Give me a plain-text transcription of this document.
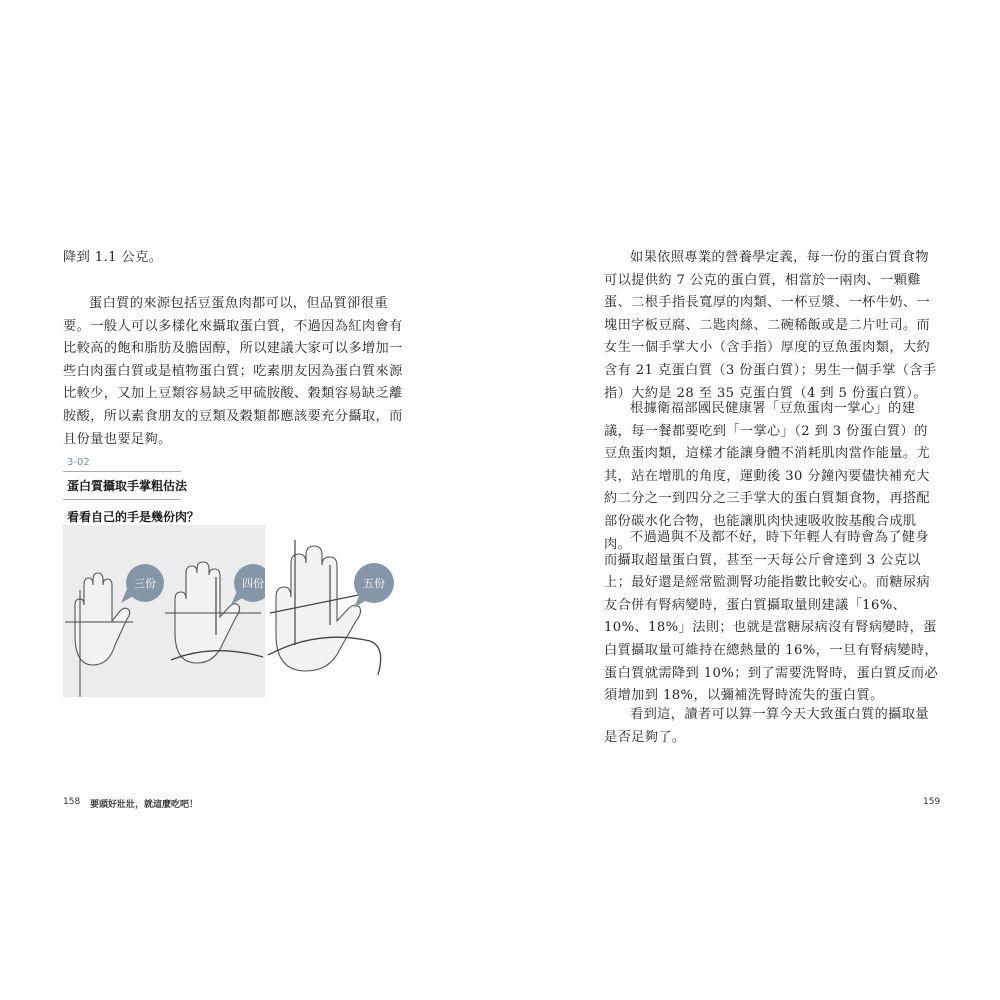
降到 1.1 公克。

蛋白質的來源包括豆蛋魚肉都可以，但品質卻很重要。一般人可以多樣化來攝取蛋白質，不過因為紅肉會有比較高的飽和脂肪及膽固醇，所以建議大家可以多增加一些白肉蛋白質或是植物蛋白質；吃素朋友因為蛋白質來源比較少，又加上豆類容易缺乏甲硫胺酸、穀類容易缺乏離胺酸，所以素食朋友的豆類及穀類都應該要充分攝取，而且份量也要足夠。

3-02
蛋白質攝取手掌粗估法
看看自己的手是幾份肉？
三份	四份
158 要頭好壯壯，就這麼吃吧！
五份

如果依照專業的營養學定義，每一份的蛋白質食物可以提供約 7 公克的蛋白質，相當於一兩肉、一顆雞蛋、二根手指長寬厚的肉類、一杯豆漿、一杯牛奶、一塊田字板豆腐、二匙肉絲、二碗稀飯或是二片吐司。而女生一個手掌大小（含手指）厚度的豆魚蛋肉類，大約含有 21 克蛋白質（3 份蛋白質）；男生一個手掌（含手指）大約是 28 至 35 克蛋白質（4 到 5 份蛋白質）。

根據衛福部國民健康署「豆魚蛋肉一掌心」的建議，每一餐都要吃到「一掌心」（2 到 3 份蛋白質）的豆魚蛋肉類，這樣才能讓身體不消耗肌肉當作能量。尤其，站在增肌的角度，運動後 30 分鐘內要儘快補充大約二分之一到四分之三手掌大的蛋白質類食物，再搭配部份碳水化合物，也能讓肌肉快速吸收胺基酸合成肌肉。

不過過與不及都不好，時下年輕人有時會為了健身而攝取超量蛋白質，甚至一天每公斤會達到 3 公克以上；最好還是經常監測腎功能指數比較安心。而糖尿病友合併有腎病變時，蛋白質攝取量則建議「16%、10%、18%」法則；也就是當糖尿病沒有腎病變時，蛋白質攝取量可維持在總熱量的 16%，一旦有腎病變時，蛋白質就需降到 10%；到了需要洗腎時，蛋白質反而必須增加到 18%，以彌補洗腎時流失的蛋白質。

看到這，讀者可以算一算今天大致蛋白質的攝取量是否足夠了。

159
